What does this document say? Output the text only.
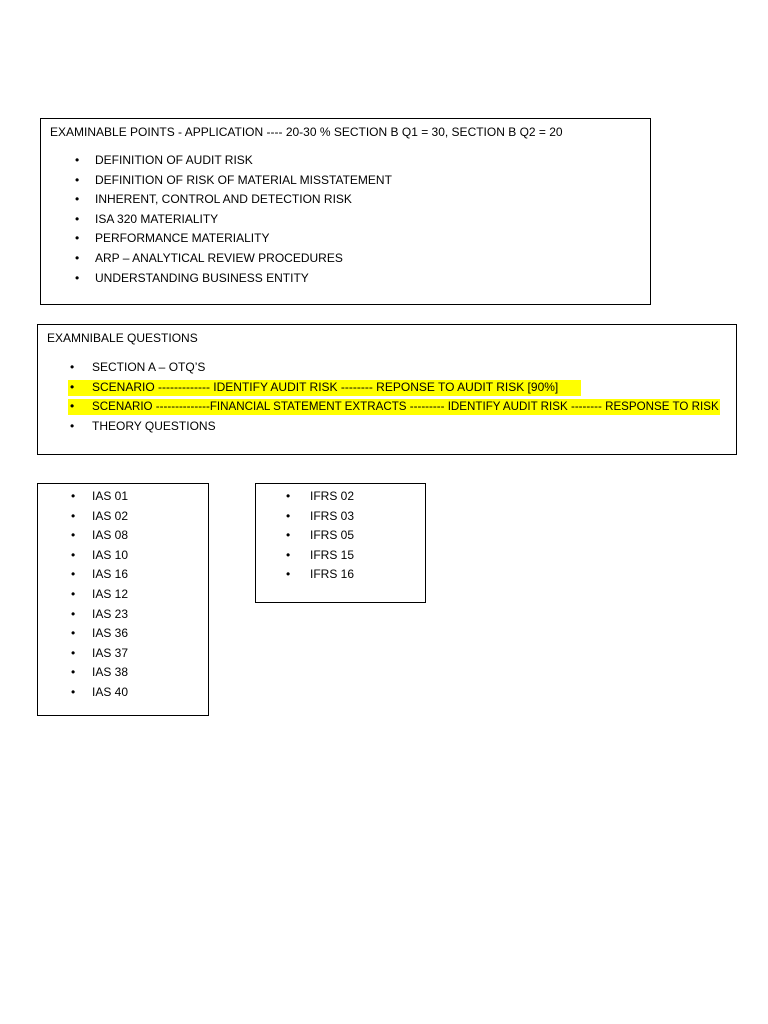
EXAMINABLE POINTS - APPLICATION ---- 20-30 % SECTION B Q1 = 30, SECTION B Q2 = 20
• DEFINITION OF AUDIT RISK
• DEFINITION OF RISK OF MATERIAL MISSTATEMENT
• INHERENT, CONTROL AND DETECTION RISK
• ISA 320 MATERIALITY
• PERFORMANCE MATERIALITY
• ARP – ANALYTICAL REVIEW PROCEDURES
• UNDERSTANDING BUSINESS ENTITY
EXAMNIBALE QUESTIONS
• SECTION A – OTQ’S
• SCENARIO ------------- IDENTIFY AUDIT RISK -------- REPONSE TO AUDIT RISK [90%]
• SCENARIO --------------FINANCIAL STATEMENT EXTRACTS --------- IDENTIFY AUDIT RISK -------- RESPONSE TO RISK
• THEORY QUESTIONS
• IAS 01
• IAS 02
• IAS 08
• IAS 10
• IAS 16
• IAS 12
• IAS 23
• IAS 36
• IAS 37
• IAS 38
• IAS 40
• IFRS 02
• IFRS 03
• IFRS 05
• IFRS 15
• IFRS 16
